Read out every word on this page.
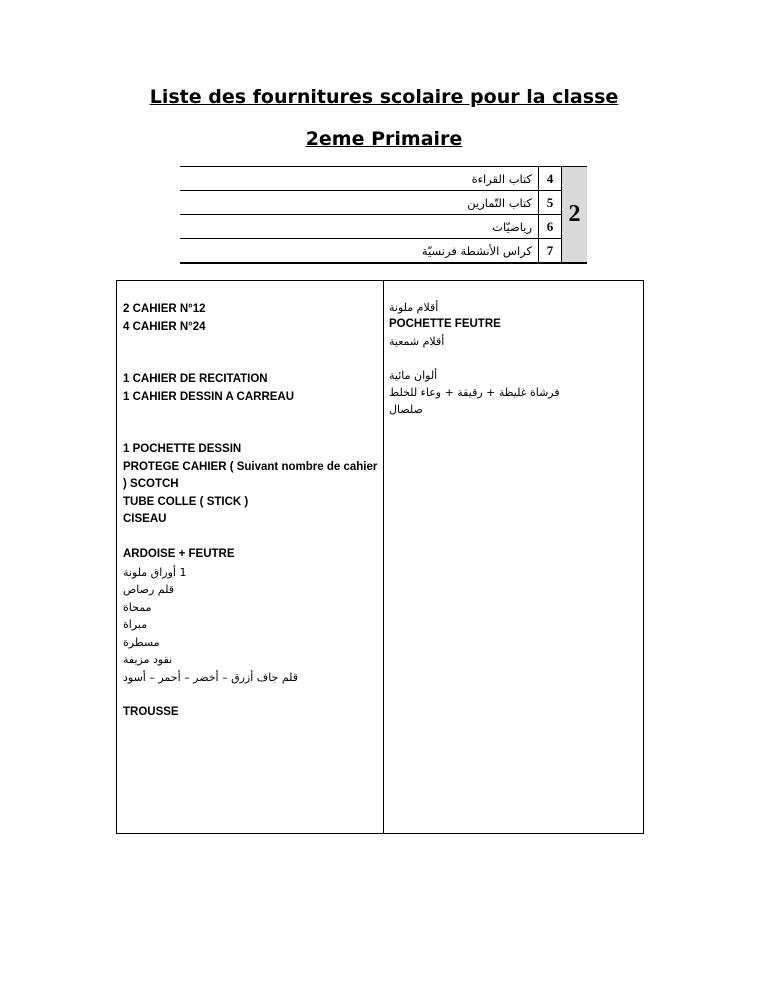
Liste des fournitures scolaire pour la classe
2eme Primaire
كتاب القراءة	4	2
كتاب التّمارين	5	
رياضيّات	6	
كراس الأنشطة فرنسيّة	7	
2 CAHIER N°12
4 CAHIER N°24
1 CAHIER DE RECITATION
1 CAHIER DESSIN A CARREAU
1 POCHETTE DESSIN
PROTEGE CAHIER ( Suivant nombre de cahier ) SCOTCH
TUBE COLLE ( STICK )
CISEAU
ARDOISE + FEUTRE
1 أوراق ملونة
قلم رصاص
ممحاة
مبراة
مسطرة
نقود مزيفة
قلم جاف أزرق – أخضر – أحمر – أسود
TROUSSE
أقلام ملونة
POCHETTE FEUTRE
أقلام شمعية
ألوان مائية
فرشاة غليظة + رقيقة + وعاء للخلط
صلصال
